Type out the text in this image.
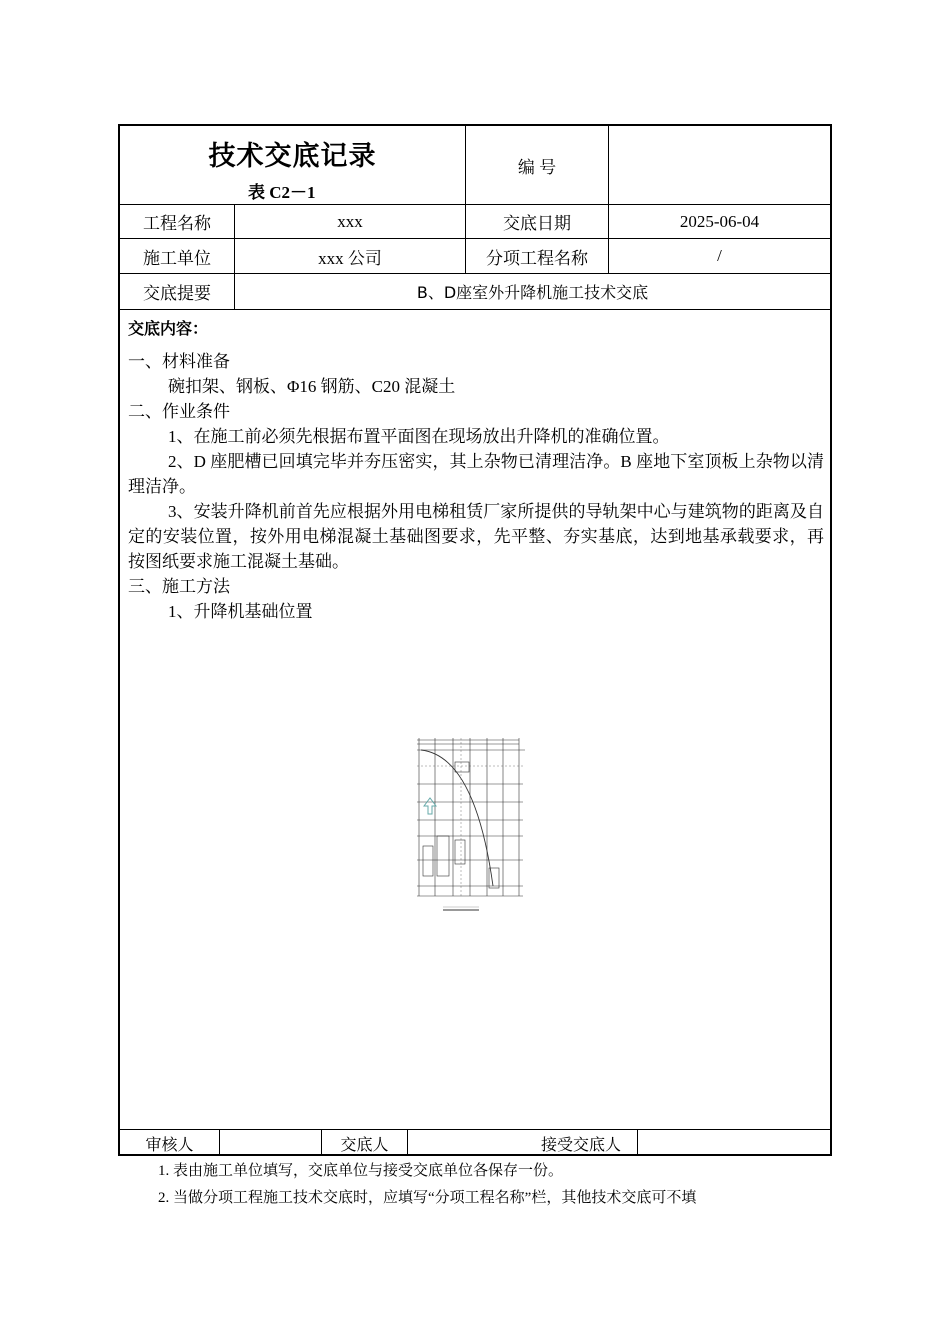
技术交底记录
表 C2－1
编 号
工程名称	xxx	交底日期	2025-06-04
施工单位	xxx 公司	分项工程名称	/
交底提要	B、D座室外升降机施工技术交底

交底内容：

一、材料准备

碗扣架、钢板、Φ16 钢筋、C20 混凝土

二、作业条件

1、在施工前必须先根据布置平面图在现场放出升降机的准确位置。

2、D 座肥槽已回填完毕并夯压密实，其上杂物已清理洁净。B 座地下室顶板上杂物以清理洁净。

3、安装升降机前首先应根据外用电梯租赁厂家所提供的导轨架中心与建筑物的距离及自定的安装位置，按外用电梯混凝土基础图要求，先平整、夯实基底，达到地基承载要求，再按图纸要求施工混凝土基础。

三、施工方法

1、升降机基础位置

审核人	交底人	接受交底人

1. 表由施工单位填写，交底单位与接受交底单位各保存一份。

2. 当做分项工程施工技术交底时，应填写“分项工程名称”栏，其他技术交底可不填
